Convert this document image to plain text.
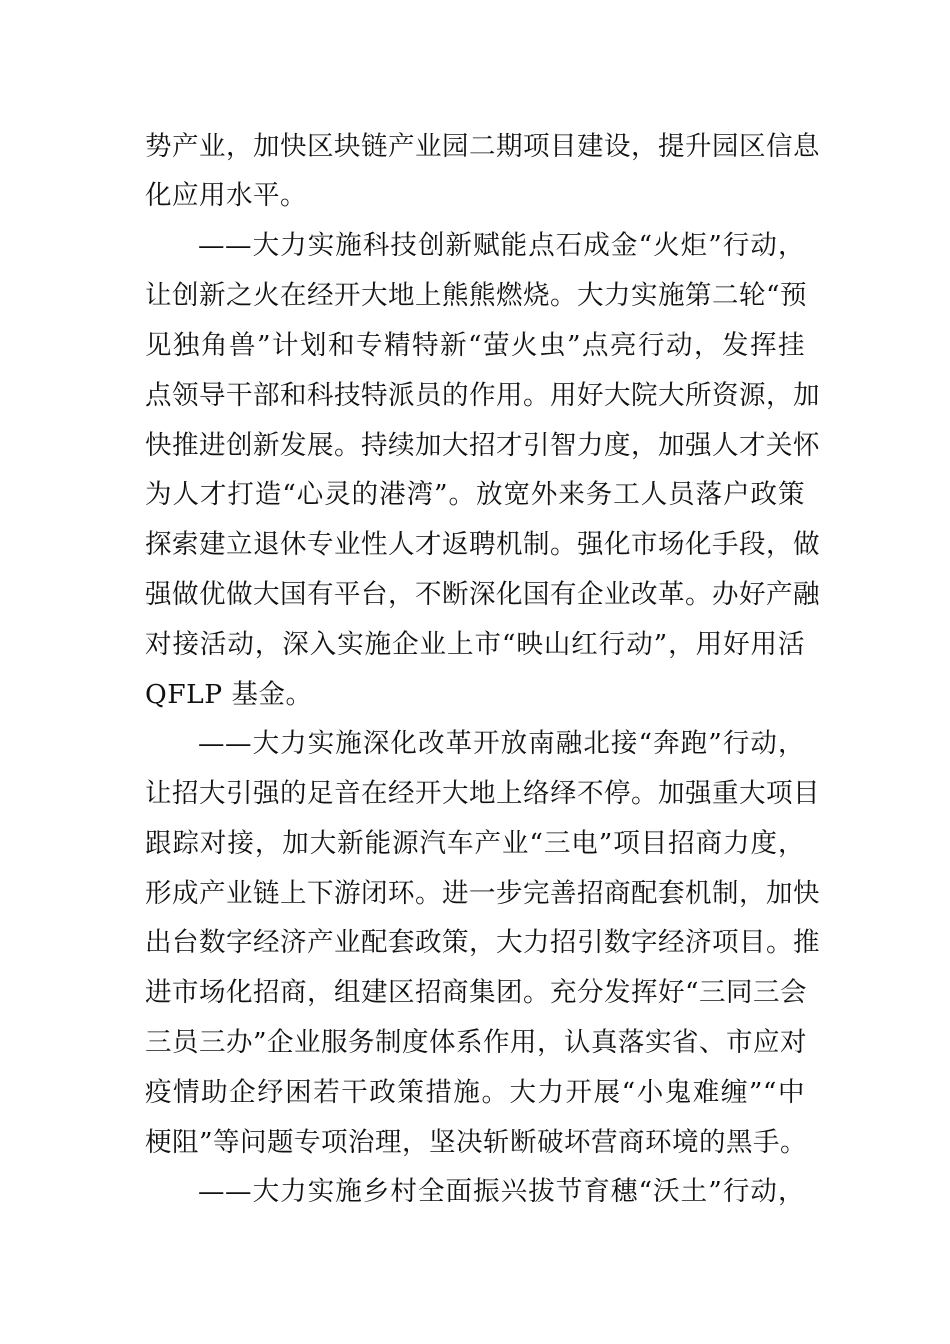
势产业，加快区块链产业园二期项目建设，提升园区信息
化应用水平。
——大力实施科技创新赋能点石成金“火炬”行动，
让创新之火在经开大地上熊熊燃烧。大力实施第二轮“预
见独角兽”计划和专精特新“萤火虫”点亮行动，发挥挂
点领导干部和科技特派员的作用。用好大院大所资源，加
快推进创新发展。持续加大招才引智力度，加强人才关怀
为人才打造“心灵的港湾”。放宽外来务工人员落户政策
探索建立退休专业性人才返聘机制。强化市场化手段，做
强做优做大国有平台，不断深化国有企业改革。办好产融
对接活动，深入实施企业上市“映山红行动”，用好用活
QFLP 基金。
——大力实施深化改革开放南融北接“奔跑”行动，
让招大引强的足音在经开大地上络绎不停。加强重大项目
跟踪对接，加大新能源汽车产业“三电”项目招商力度，
形成产业链上下游闭环。进一步完善招商配套机制，加快
出台数字经济产业配套政策，大力招引数字经济项目。推
进市场化招商，组建区招商集团。充分发挥好“三同三会
三员三办”企业服务制度体系作用，认真落实省、市应对
疫情助企纾困若干政策措施。大力开展“小鬼难缠”“中
梗阻”等问题专项治理，坚决斩断破坏营商环境的黑手。
——大力实施乡村全面振兴拔节育穗“沃土”行动，
